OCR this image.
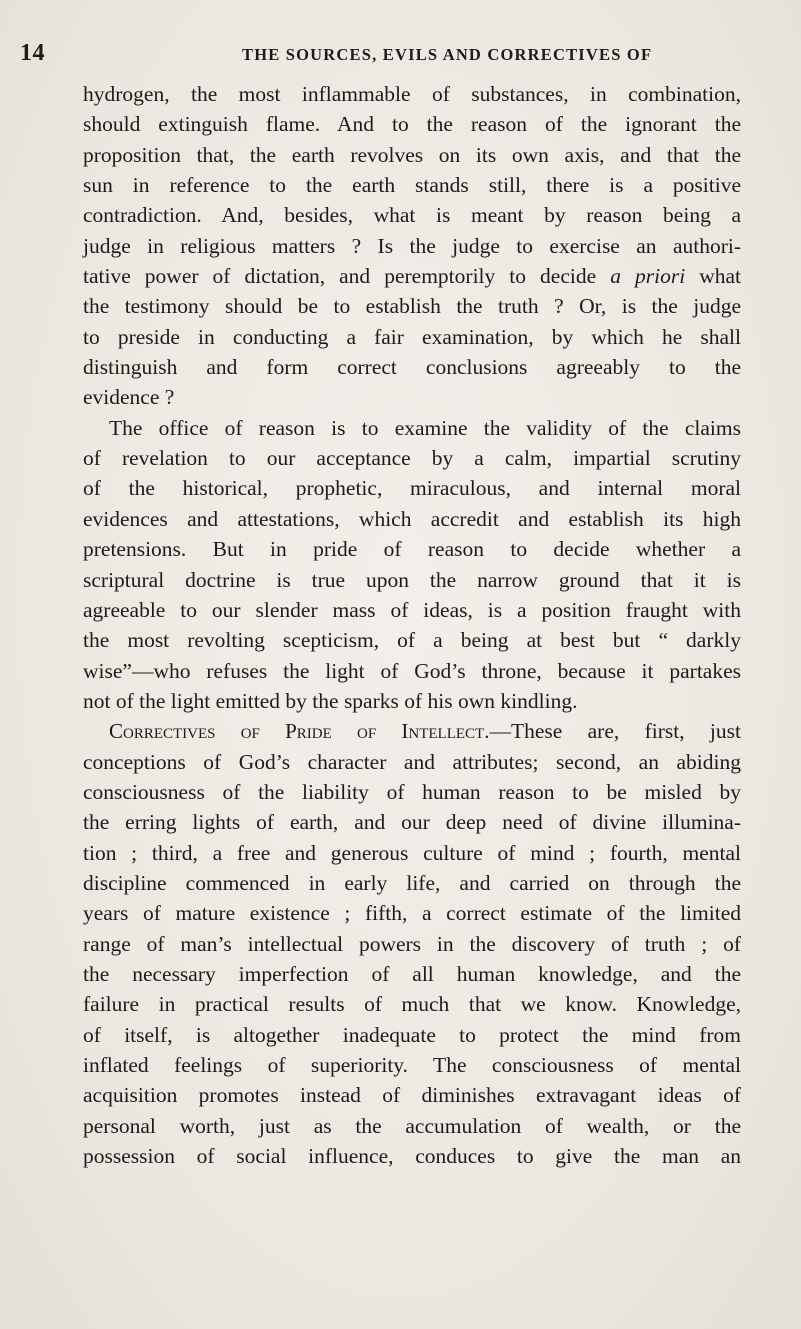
14	THE SOURCES, EVILS AND CORRECTIVES OF
hydrogen, the most inflammable of substances, in combination,
should extinguish flame. And to the reason of the ignorant the
proposition that, the earth revolves on its own axis, and that the
sun in reference to the earth stands still, there is a positive
contradiction. And, besides, what is meant by reason being a
judge in religious matters ? Is the judge to exercise an authori-
tative power of dictation, and peremptorily to decide a priori what
the testimony should be to establish the truth ? Or, is the judge
to preside in conducting a fair examination, by which he shall
distinguish and form correct conclusions agreeably to the
evidence ?
The office of reason is to examine the validity of the claims
of revelation to our acceptance by a calm, impartial scrutiny
of the historical, prophetic, miraculous, and internal moral
evidences and attestations, which accredit and establish its high
pretensions. But in pride of reason to decide whether a
scriptural doctrine is true upon the narrow ground that it is
agreeable to our slender mass of ideas, is a position fraught with
the most revolting scepticism, of a being at best but “ darkly
wise”—who refuses the light of God’s throne, because it partakes
not of the light emitted by the sparks of his own kindling.
Correctives of Pride of Intellect.—These are, first, just
conceptions of God’s character and attributes; second, an abiding
consciousness of the liability of human reason to be misled by
the erring lights of earth, and our deep need of divine illumina-
tion ; third, a free and generous culture of mind ; fourth, mental
discipline commenced in early life, and carried on through the
years of mature existence ; fifth, a correct estimate of the limited
range of man’s intellectual powers in the discovery of truth ; of
the necessary imperfection of all human knowledge, and the
failure in practical results of much that we know. Knowledge,
of itself, is altogether inadequate to protect the mind from
inflated feelings of superiority. The consciousness of mental
acquisition promotes instead of diminishes extravagant ideas of
personal worth, just as the accumulation of wealth, or the
possession of social influence, conduces to give the man an
